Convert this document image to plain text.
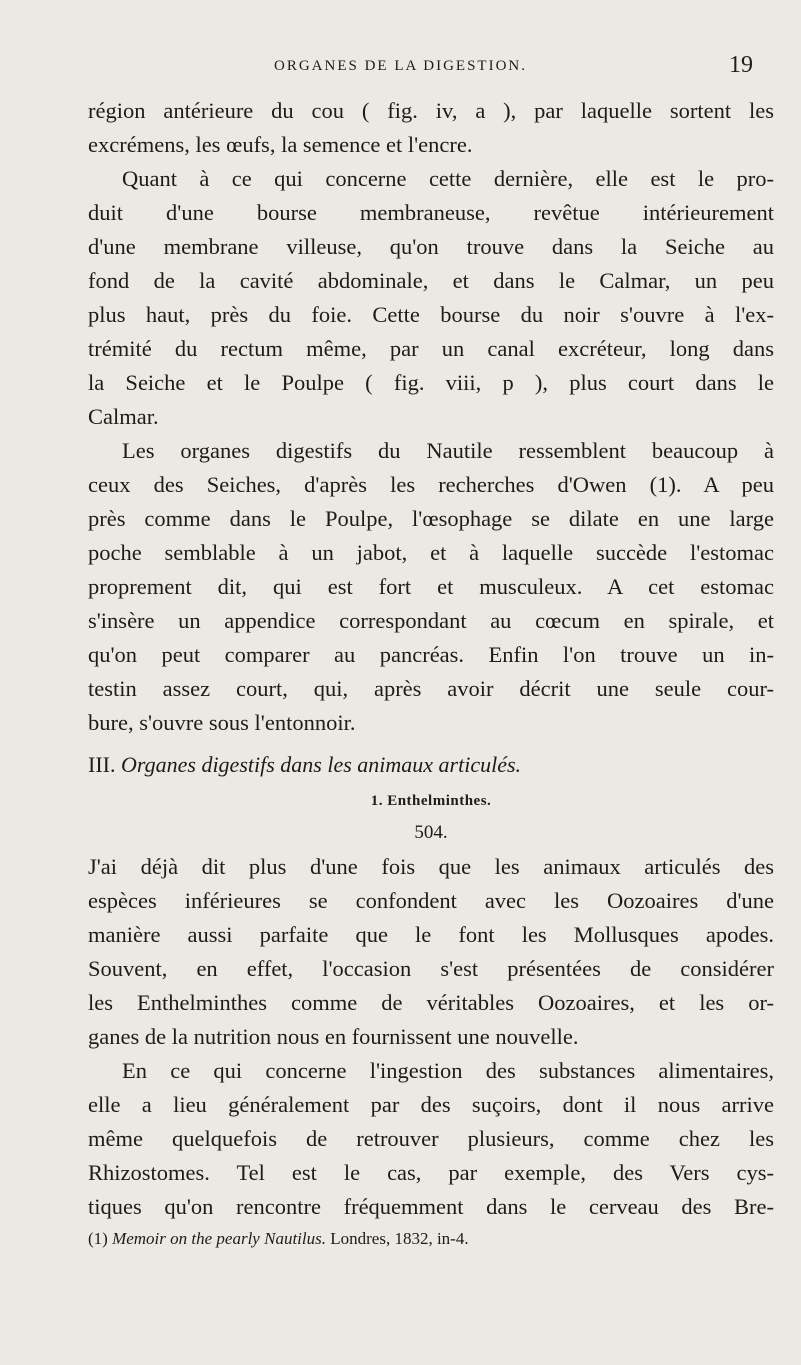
ORGANES DE LA DIGESTION.	19
région antérieure du cou ( fig. iv, a ), par laquelle sortent les
excrémens, les œufs, la semence et l'encre.
Quant à ce qui concerne cette dernière, elle est le pro-
duit d'une bourse membraneuse, revêtue intérieurement
d'une membrane villeuse, qu'on trouve dans la Seiche au
fond de la cavité abdominale, et dans le Calmar, un peu
plus haut, près du foie. Cette bourse du noir s'ouvre à l'ex-
trémité du rectum même, par un canal excréteur, long dans
la Seiche et le Poulpe ( fig. viii, p ), plus court dans le
Calmar.
Les organes digestifs du Nautile ressemblent beaucoup à
ceux des Seiches, d'après les recherches d'Owen (1). A peu
près comme dans le Poulpe, l'œsophage se dilate en une large
poche semblable à un jabot, et à laquelle succède l'estomac
proprement dit, qui est fort et musculeux. A cet estomac
s'insère un appendice correspondant au cœcum en spirale, et
qu'on peut comparer au pancréas. Enfin l'on trouve un in-
testin assez court, qui, après avoir décrit une seule cour-
bure, s'ouvre sous l'entonnoir.
III. Organes digestifs dans les animaux articulés.
1. Enthelminthes.
504.
J'ai déjà dit plus d'une fois que les animaux articulés des
espèces inférieures se confondent avec les Oozoaires d'une
manière aussi parfaite que le font les Mollusques apodes.
Souvent, en effet, l'occasion s'est présentées de considérer
les Enthelminthes comme de véritables Oozoaires, et les or-
ganes de la nutrition nous en fournissent une nouvelle.
En ce qui concerne l'ingestion des substances alimentaires,
elle a lieu généralement par des suçoirs, dont il nous arrive
même quelquefois de retrouver plusieurs, comme chez les
Rhizostomes. Tel est le cas, par exemple, des Vers cys-
tiques qu'on rencontre fréquemment dans le cerveau des Bre-
(1) Memoir on the pearly Nautilus. Londres, 1832, in-4.
